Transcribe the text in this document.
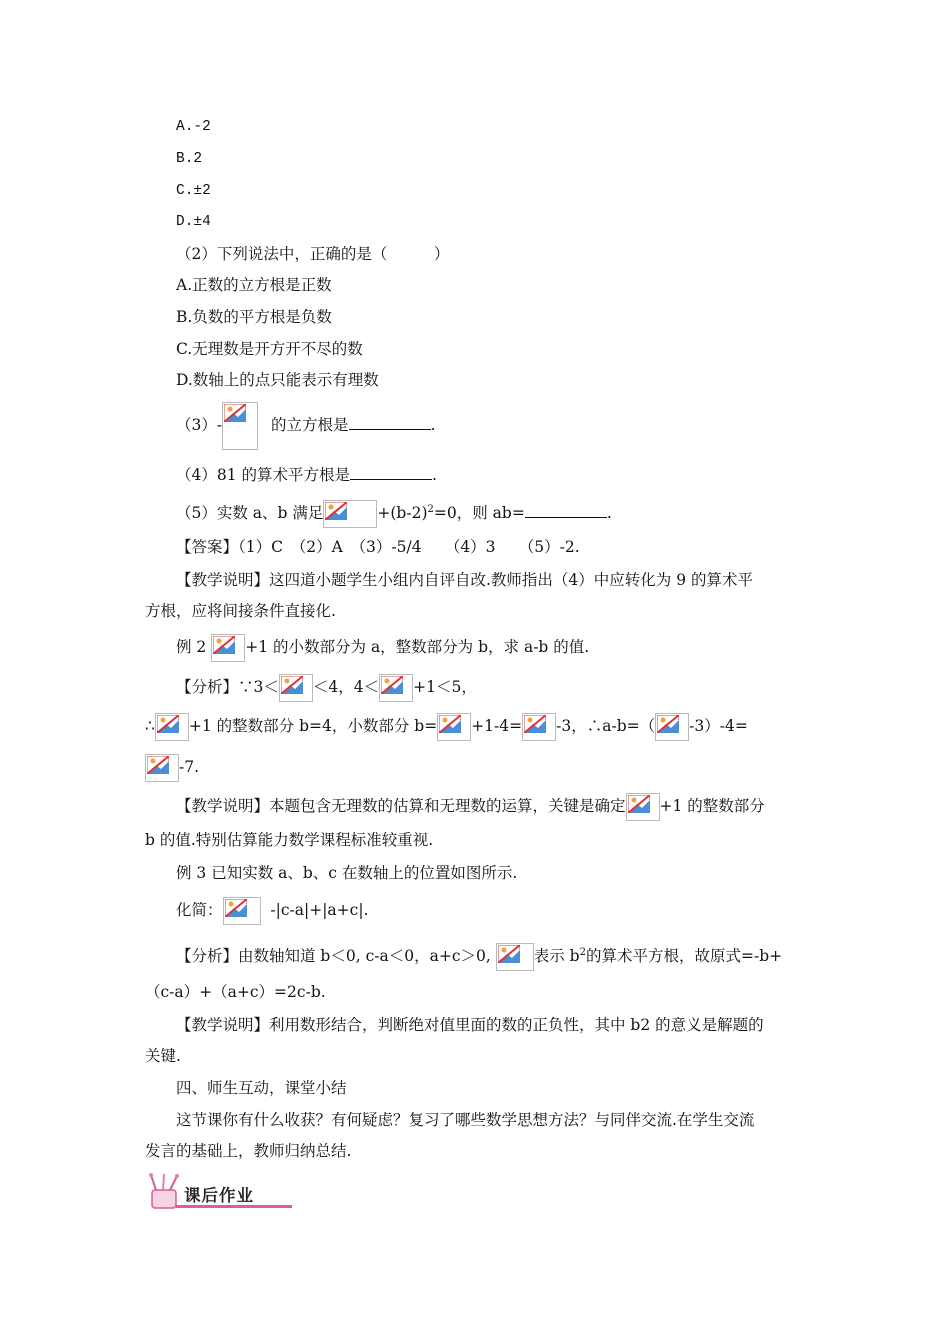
A.-2
B.2
C.±2
D.±4
（2）下列说法中，正确的是（　　　）
A.正数的立方根是正数
B.负数的平方根是负数
C.无理数是开方开不尽的数
D.数轴上的点只能表示有理数
（3）-	的立方根是	.
（4）81 的算术平方根是	.
（5）实数 a、b 满足	$+(b-2)^2=0$，则 ab=	.
【答案】（1）C　（2）A　（3）-5/4　　（4）3　　（5）-2.
【教学说明】这四道小题学生小组内自评自改.教师指出（4）中应转化为 9 的算术平
方根，应将间接条件直接化.
例 2	+1 的小数部分为 a，整数部分为 b，求 a-b 的值.
【分析】∵3＜ ＜4，4＜ +1＜5，
∴ +1 的整数部分 b=4，小数部分 b= +1-4= -3，∴a-b=（ -3）-4=
-7.
【教学说明】本题包含无理数的估算和无理数的运算，关键是确定 +1 的整数部分
b 的值.特别估算能力数学课程标准较重视.
例 3 已知实数 a、b、c 在数轴上的位置如图所示.
化简：	-|c-a|+|a+c|.
【分析】由数轴知道 b＜0, c-a＜0，a+c＞0,	表示 $b^2$的算术平方根，故原式=-b+
（c-a）+（a+c）=2c-b.
【教学说明】利用数形结合，判断绝对值里面的数的正负性，其中 b2 的意义是解题的
关键.
四、师生互动，课堂小结
这节课你有什么收获？有何疑虑？复习了哪些数学思想方法？与同伴交流.在学生交流
发言的基础上，教师归纳总结.
课后作业
